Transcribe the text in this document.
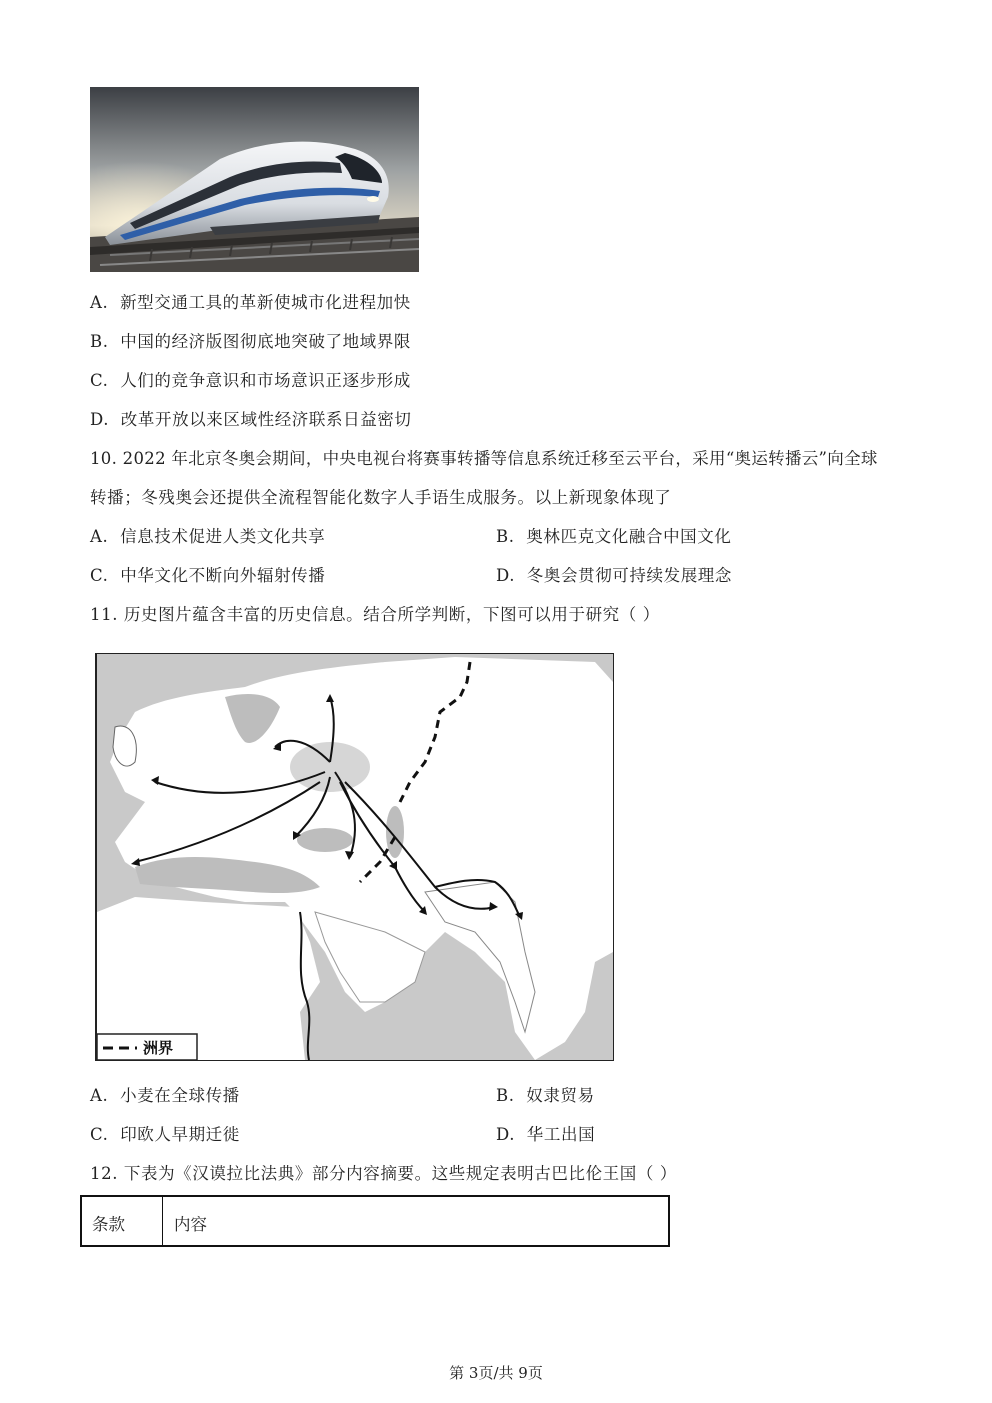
A. 新型交通工具的革新使城市化进程加快
B. 中国的经济版图彻底地突破了地域界限
C. 人们的竞争意识和市场意识正逐步形成
D. 改革开放以来区域性经济联系日益密切
10. 2022 年北京冬奥会期间，中央电视台将赛事转播等信息系统迁移至云平台，采用“奥运转播云”向全球
转播；冬残奥会还提供全流程智能化数字人手语生成服务。以上新现象体现了
A. 信息技术促进人类文化共享	B. 奥林匹克文化融合中国文化
C. 中华文化不断向外辐射传播	D. 冬奥会贯彻可持续发展理念
11. 历史图片蕴含丰富的历史信息。结合所学判断，下图可以用于研究（ ）
洲界
A. 小麦在全球传播	B. 奴隶贸易
C. 印欧人早期迁徙	D. 华工出国
12. 下表为《汉谟拉比法典》部分内容摘要。这些规定表明古巴比伦王国（ ）
条款	内容
第 3页/共 9页
